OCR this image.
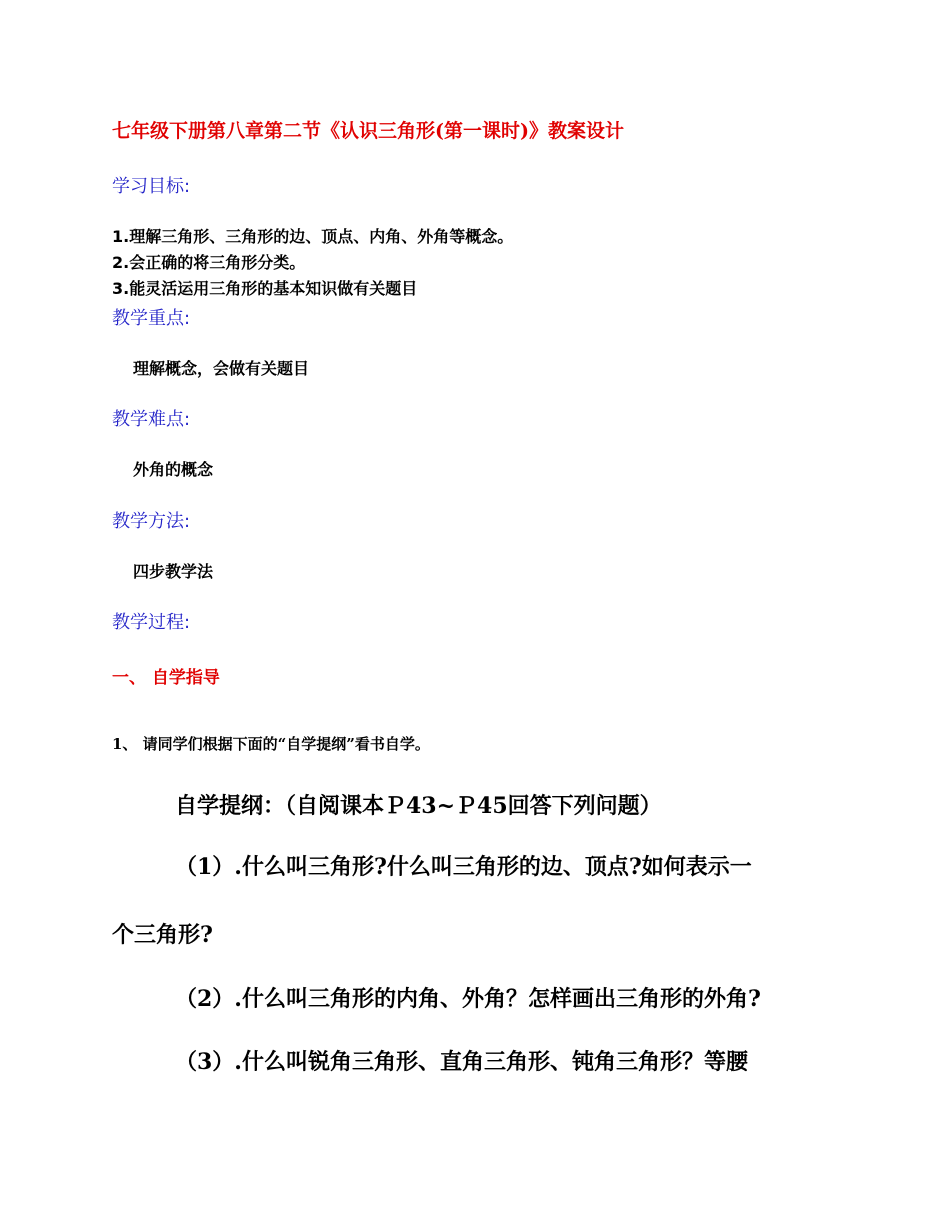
七年级下册第八章第二节《认识三角形(第一课时)》教案设计
学习目标:
1.理解三角形、三角形的边、顶点、内角、外角等概念。
2.会正确的将三角形分类。
3.能灵活运用三角形的基本知识做有关题目
教学重点:
理解概念，会做有关题目
教学难点:
外角的概念
教学方法:
四步教学法
教学过程:
一、 自学指导
1、 请同学们根据下面的“自学提纲”看书自学。
自学提纲：（自阅课本Ｐ43~Ｐ45回答下列问题）
（1）.什么叫三角形?什么叫三角形的边、顶点?如何表示一
个三角形?
（2）.什么叫三角形的内角、外角？怎样画出三角形的外角?
（3）.什么叫锐角三角形、直角三角形、钝角三角形？等腰
